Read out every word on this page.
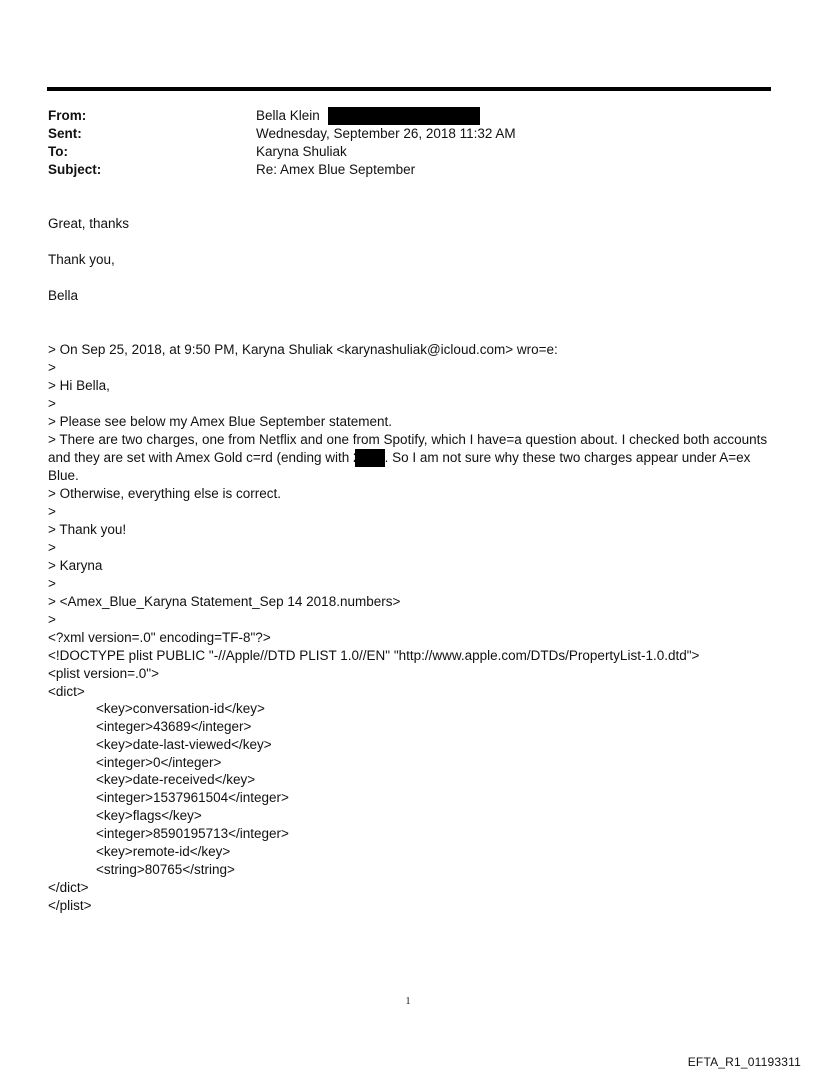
From:	Bella Klein
Sent:	Wednesday, September 26, 2018 11:32 AM
To:	Karyna Shuliak
Subject:	Re: Amex Blue September
Great, thanks
Thank you,
Bella
> On Sep 25, 2018, at 9:50 PM, Karyna Shuliak <karynashuliak@icloud.com> wro=e:
>
> Hi Bella,
>
> Please see below my Amex Blue September statement.
> There are two charges, one from Netflix and one from Spotify, which I have=a question about. I checked both accounts and they are set with Amex Gold c=rd (ending with . So I am not sure why these two charges appear under A=ex Blue.
> Otherwise, everything else is correct.
>
> Thank you!
>
> Karyna
>
> <Amex_Blue_Karyna Statement_Sep 14 2018.numbers>
>
<?xml version=.0" encoding=TF-8"?>
<!DOCTYPE plist PUBLIC "-//Apple//DTD PLIST 1.0//EN" "http://www.apple.com/DTDs/PropertyList-1.0.dtd">
<plist version=.0">
<dict>
<key>conversation-id</key>
<integer>43689</integer>
<key>date-last-viewed</key>
<integer>0</integer>
<key>date-received</key>
<integer>1537961504</integer>
<key>flags</key>
<integer>8590195713</integer>
<key>remote-id</key>
<string>80765</string>
</dict>
</plist>
1
EFTA_R1_01193311
